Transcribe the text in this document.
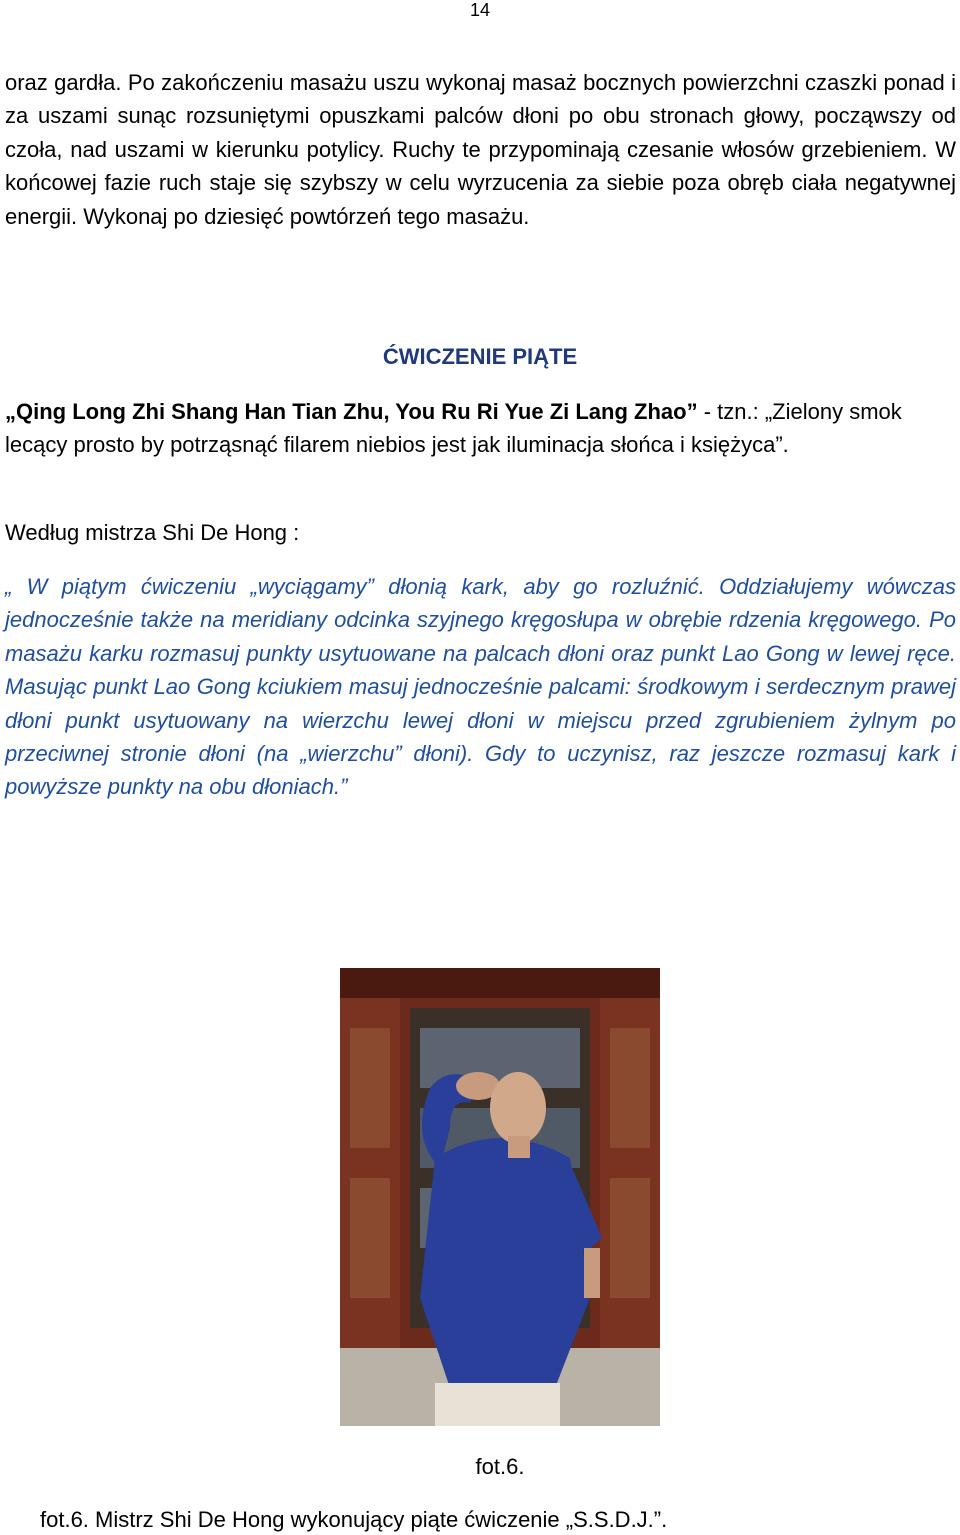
14

oraz gardła. Po zakończeniu masażu uszu wykonaj masaż bocznych powierzchni czaszki ponad i za uszami sunąc rozsuniętymi opuszkami palców dłoni po obu stronach głowy, począwszy od czoła, nad uszami w kierunku potylicy. Ruchy te przypominają czesanie włosów grzebieniem. W końcowej fazie ruch staje się szybszy w celu wyrzucenia za siebie poza obręb ciała negatywnej energii. Wykonaj po dziesięć powtórzeń tego masażu.

ĆWICZENIE PIĄTE

„Qing Long Zhi Shang Han Tian Zhu, You Ru Ri Yue Zi Lang Zhao” - tzn.: „Zielony smok lecący prosto by potrząsnąć filarem niebios jest jak iluminacja słońca i księżyca”.

Według mistrza Shi De Hong :

„ W piątym ćwiczeniu „wyciągamy” dłonią kark, aby go rozluźnić. Oddziałujemy wówczas jednocześnie także na meridiany odcinka szyjnego kręgosłupa w obrębie rdzenia kręgowego. Po masażu karku rozmasuj punkty usytuowane na palcach dłoni oraz punkt Lao Gong w lewej ręce. Masując punkt Lao Gong kciukiem masuj jednocześnie palcami: środkowym i serdecznym prawej dłoni punkt usytuowany na wierzchu lewej dłoni w miejscu przed zgrubieniem żylnym po przeciwnej stronie dłoni (na „wierzchu” dłoni). Gdy to uczynisz, raz jeszcze rozmasuj kark i powyższe punkty na obu dłoniach.”

fot.6.
fot.6. Mistrz Shi De Hong wykonujący piąte ćwiczenie „S.S.D.J.”.
